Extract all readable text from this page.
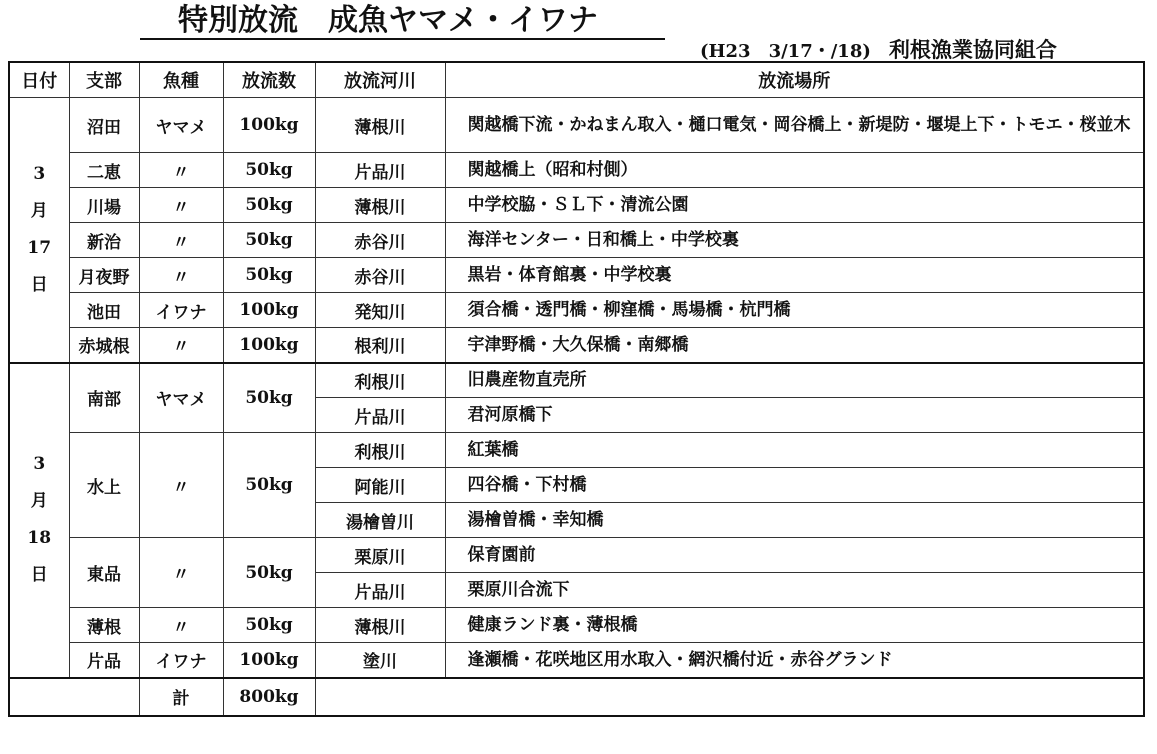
特別放流　成魚ヤマメ・イワナ
(H23　3/17・/18)　 利根漁業協同組合
日付	支部	魚種	放流数	放流河川	放流場所

3
月
17
日	沼田	ヤマメ	100kg	薄根川	関越橋下流・かねまん取入・樋口電気・岡谷橋上・新堤防・堰堤上下・トモエ・桜並木
	二恵	〃	50kg	片品川	関越橋上（昭和村側）
	川場	〃	50kg	薄根川	中学校脇・ＳＬ下・清流公園
	新治	〃	50kg	赤谷川	海洋センター・日和橋上・中学校裏
	月夜野	〃	50kg	赤谷川	黒岩・体育館裏・中学校裏
	池田	イワナ	100kg	発知川	須合橋・透門橋・柳窪橋・馬場橋・杭門橋
	赤城根	〃	100kg	根利川	宇津野橋・大久保橋・南郷橋

3
月
18
日	南部	ヤマメ	50kg	利根川	旧農産物直売所
				片品川	君河原橋下
	水上	〃	50kg	利根川	紅葉橋
				阿能川	四谷橋・下村橋
				湯檜曽川	湯檜曽橋・幸知橋
	東品	〃	50kg	栗原川	保育園前
				片品川	栗原川合流下
	薄根	〃	50kg	薄根川	健康ランド裏・薄根橋
	片品	イワナ	100kg	塗川	逢瀬橋・花咲地区用水取入・網沢橋付近・赤谷グランド
		計	800kg		
